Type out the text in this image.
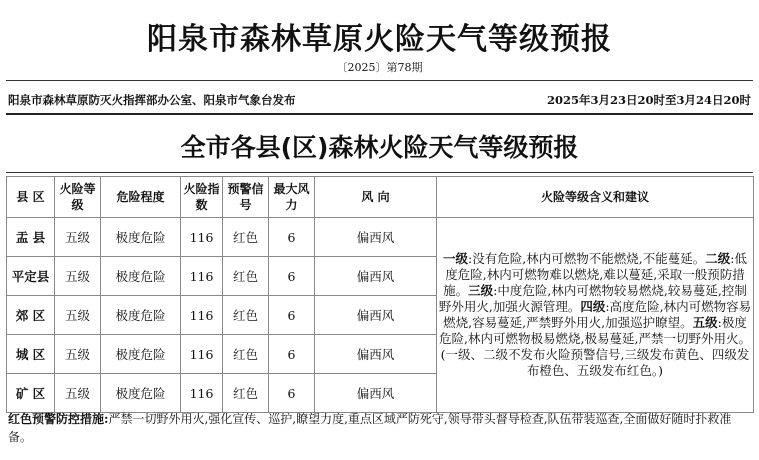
阳泉市森林草原火险天气等级预报
〔2025〕第78期
阳泉市森林草原防灭火指挥部办公室、阳泉市气象台发布	2025年3月23日20时至3月24日20时
全市各县(区)森林火险天气等级预报
县 区	火险等级	危险程度	火险指数	预警信号	最大风力	风 向	火险等级含义和建议
盂 县	五级	极度危险	116	红色	6	偏西风	一级:没有危险,林内可燃物不能燃烧,不能蔓延。二级:低度危险,林内可燃物难以燃烧,难以蔓延,采取一般预防措施。三级:中度危险,林内可燃物较易燃烧,较易蔓延,控制野外用火,加强火源管理。四级:高度危险,林内可燃物容易燃烧,容易蔓延,严禁野外用火,加强巡护瞭望。五级:极度危险,林内可燃物极易燃烧,极易蔓延,严禁一切野外用火。(一级、二级不发布火险预警信号,三级发布黄色、四级发布橙色、五级发布红色。)
平定县	五级	极度危险	116	红色	6	偏西风	
郊 区	五级	极度危险	116	红色	6	偏西风	
城 区	五级	极度危险	116	红色	6	偏西风	
矿 区	五级	极度危险	116	红色	6	偏西风	
红色预警防控措施:严禁一切野外用火,强化宣传、巡护,瞭望力度,重点区域严防死守,领导带头督导检查,队伍带装巡查,全面做好随时扑救准备。
